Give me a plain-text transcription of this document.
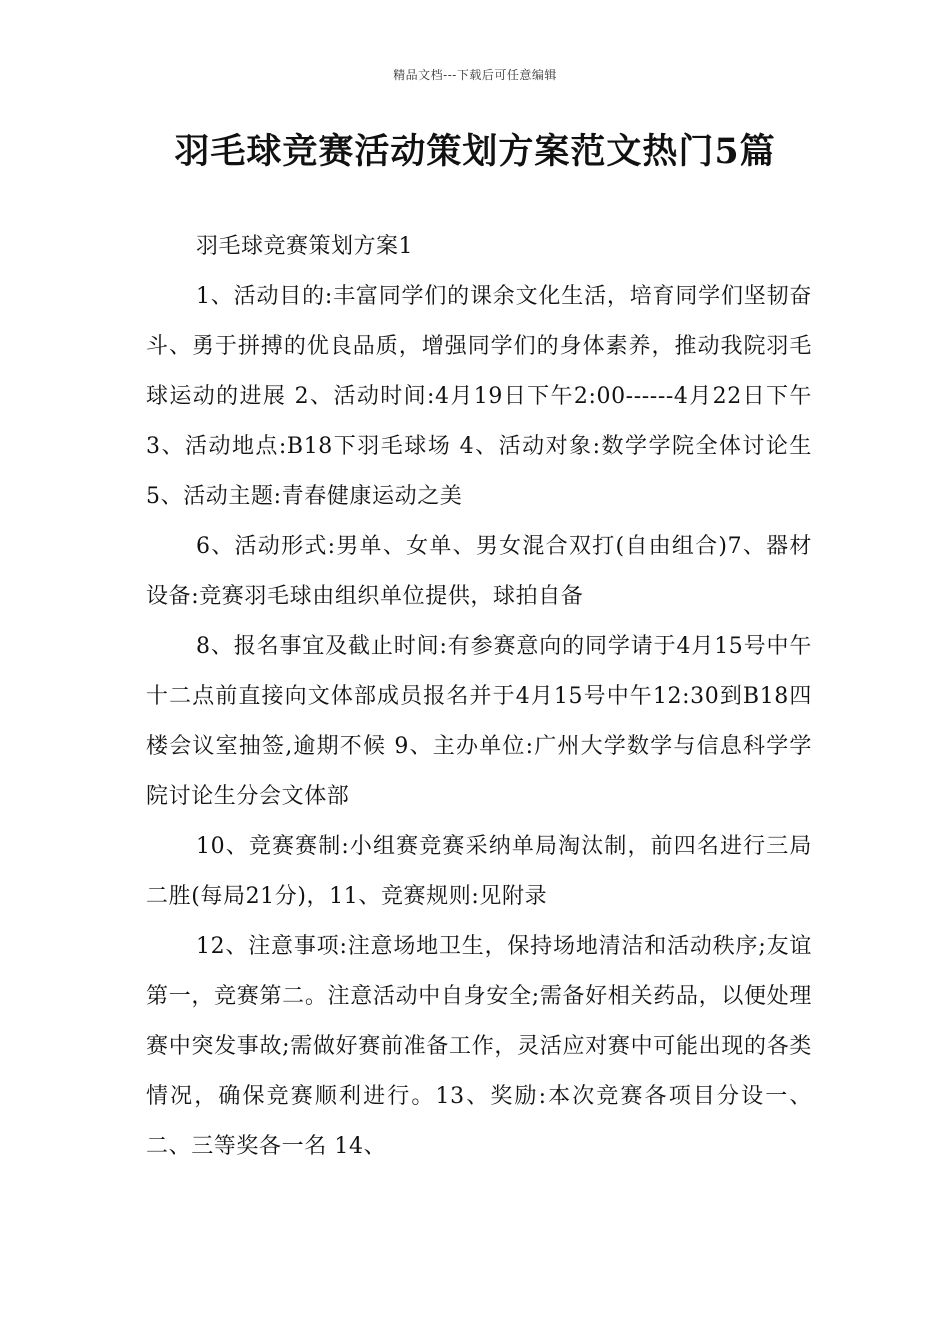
精品文档---下载后可任意编辑
羽毛球竞赛活动策划方案范文热门5篇

羽毛球竞赛策划方案1

1、活动目的:丰富同学们的课余文化生活，培育同学们坚韧奋斗、勇于拼搏的优良品质，增强同学们的身体素养，推动我院羽毛球运动的进展 2、活动时间:4月19日下午2:00------4月22日下午 3、活动地点:B18下羽毛球场 4、活动对象:数学学院全体讨论生 5、活动主题:青春健康运动之美

6、活动形式:男单、女单、男女混合双打(自由组合)7、器材设备:竞赛羽毛球由组织单位提供，球拍自备

8、报名事宜及截止时间:有参赛意向的同学请于4月15号中午十二点前直接向文体部成员报名并于4月15号中午12:30到B18四楼会议室抽签,逾期不候 9、主办单位:广州大学数学与信息科学学院讨论生分会文体部

10、竞赛赛制:小组赛竞赛采纳单局淘汰制，前四名进行三局二胜(每局21分)，11、竞赛规则:见附录

12、注意事项:注意场地卫生，保持场地清洁和活动秩序;友谊第一，竞赛第二。注意活动中自身安全;需备好相关药品，以便处理赛中突发事故;需做好赛前准备工作，灵活应对赛中可能出现的各类情况，确保竞赛顺利进行。13、奖励:本次竞赛各项目分设一、二、三等奖各一名 14、
